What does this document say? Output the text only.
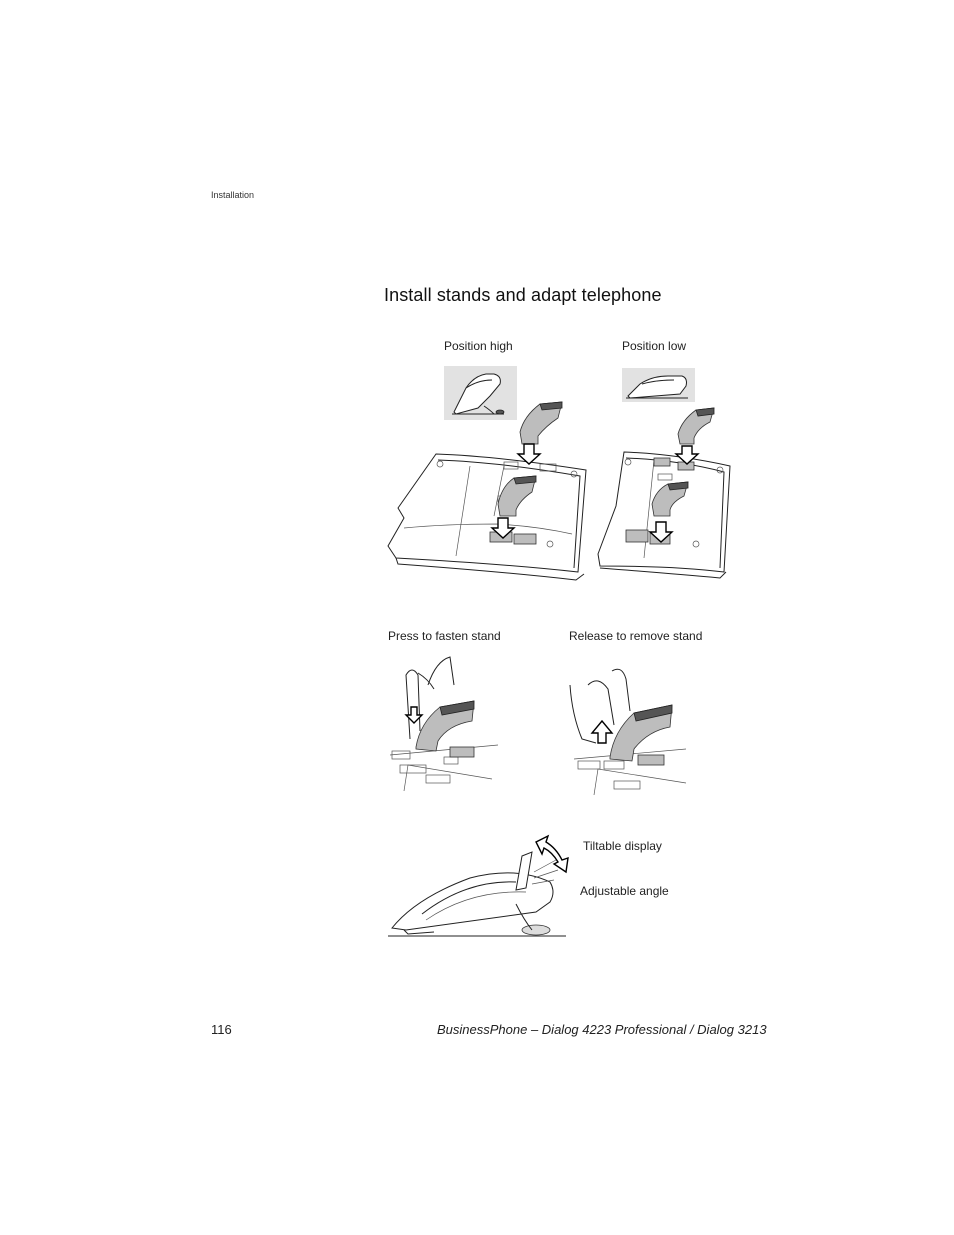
Installation
Install stands and adapt telephone
Position high	Position low
Press to fasten stand	Release to remove stand
Tiltable display
Adjustable angle
116	BusinessPhone – Dialog 4223 Professional / Dialog 3213
